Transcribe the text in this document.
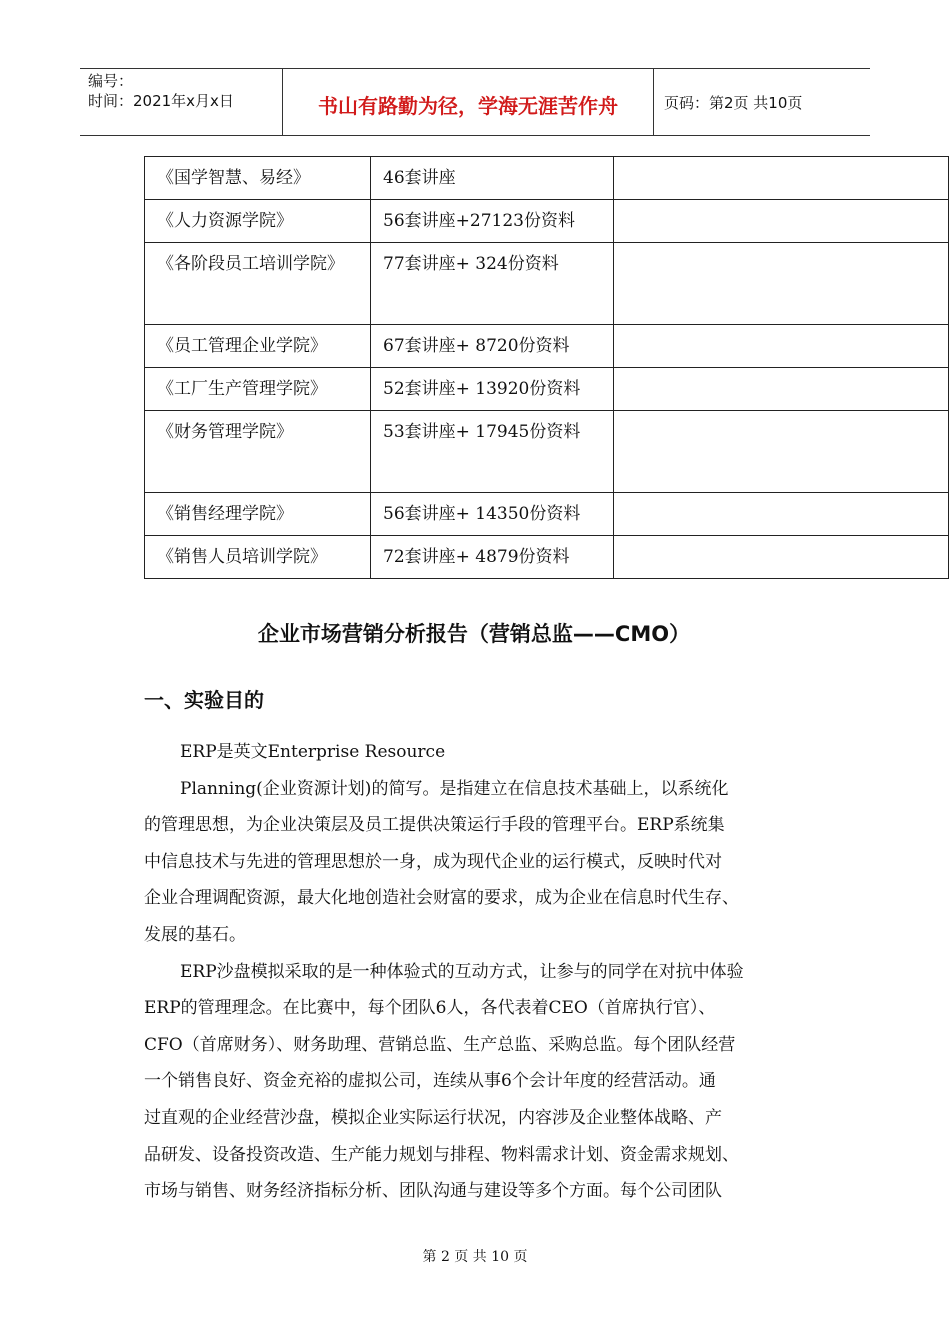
编号：
时间：2021年x月x日	书山有路勤为径，学海无涯苦作舟	页码：第2页 共10页
《国学智慧、易经》	46套讲座	
《人力资源学院》	56套讲座+27123份资料	
《各阶段员工培训学院》	77套讲座+ 324份资料	
《员工管理企业学院》	67套讲座+ 8720份资料	
《工厂生产管理学院》	52套讲座+ 13920份资料	
《财务管理学院》	53套讲座+ 17945份资料	
《销售经理学院》	56套讲座+ 14350份资料	
《销售人员培训学院》	72套讲座+ 4879份资料	
企业市场营销分析报告（营销总监——CMO）
一、实验目的
ERP是英文Enterprise Resource
Planning(企业资源计划)的简写。是指建立在信息技术基础上，以系统化
的管理思想，为企业决策层及员工提供决策运行手段的管理平台。ERP系统集
中信息技术与先进的管理思想於一身，成为现代企业的运行模式，反映时代对
企业合理调配资源，最大化地创造社会财富的要求，成为企业在信息时代生存、
发展的基石。
ERP沙盘模拟采取的是一种体验式的互动方式，让参与的同学在对抗中体验
ERP的管理理念。在比赛中，每个团队6人，各代表着CEO（首席执行官）、
CFO（首席财务）、财务助理、营销总监、生产总监、采购总监。每个团队经营
一个销售良好、资金充裕的虚拟公司，连续从事6个会计年度的经营活动。通
过直观的企业经营沙盘，模拟企业实际运行状况，内容涉及企业整体战略、产
品研发、设备投资改造、生产能力规划与排程、物料需求计划、资金需求规划、
市场与销售、财务经济指标分析、团队沟通与建设等多个方面。每个公司团队
第 2 页 共 10 页
